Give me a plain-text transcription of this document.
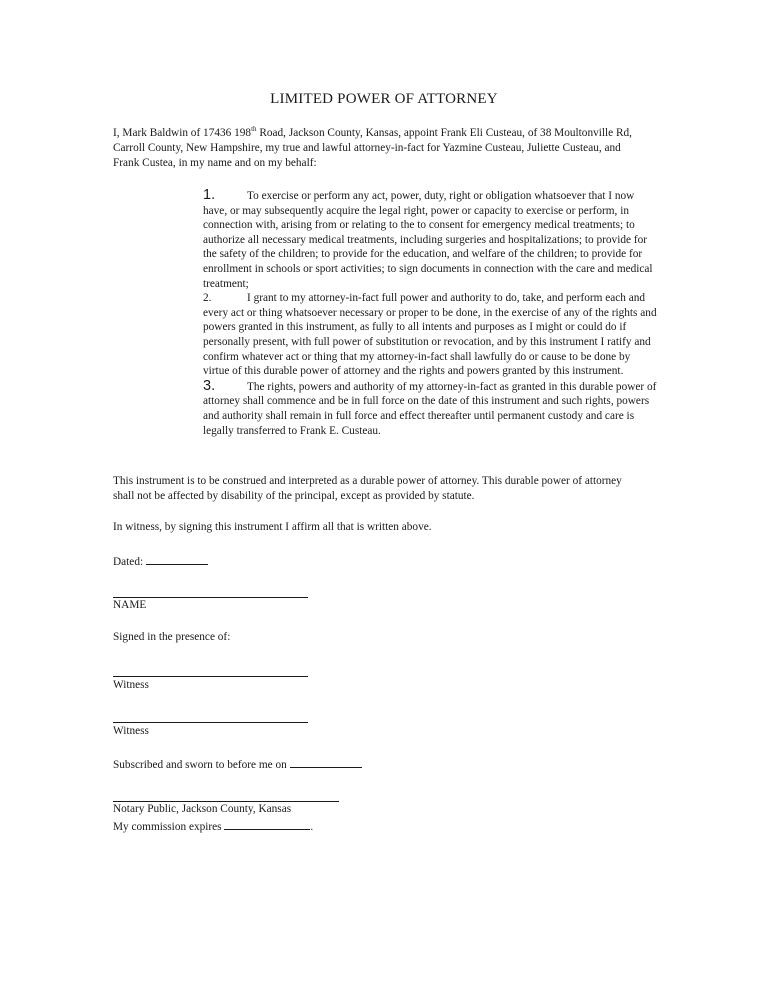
LIMITED POWER OF ATTORNEY
I, Mark Baldwin of 17436 198th Road, Jackson County, Kansas, appoint Frank Eli Custeau, of 38 Moultonville Rd, Carroll County, New Hampshire, my true and lawful attorney-in-fact for Yazmine Custeau, Juliette Custeau, and Frank Custea, in my name and on my behalf:

1.	To exercise or perform any act, power, duty, right or obligation whatsoever that I now have, or may subsequently acquire the legal right, power or capacity to exercise or perform, in connection with, arising from or relating to the to consent for emergency medical treatments; to authorize all necessary medical treatments, including surgeries and hospitalizations; to provide for the safety of the children; to provide for the education, and welfare of the children; to provide for enrollment in schools or sport activities; to sign documents in connection with the care and medical treatment;

2.	I grant to my attorney-in-fact full power and authority to do, take, and perform each and every act or thing whatsoever necessary or proper to be done, in the exercise of any of the rights and powers granted in this instrument, as fully to all intents and purposes as I might or could do if personally present, with full power of substitution or revocation, and by this instrument I ratify and confirm whatever act or thing that my attorney-in-fact shall lawfully do or cause to be done by virtue of this durable power of attorney and the rights and powers granted by this instrument.

3.	The rights, powers and authority of my attorney-in-fact as granted in this durable power of attorney shall commence and be in full force on the date of this instrument and such rights, powers and authority shall remain in full force and effect thereafter until permanent custody and care is legally transferred to Frank E. Custeau.

This instrument is to be construed and interpreted as a durable power of attorney. This durable power of attorney shall not be affected by disability of the principal, except as provided by statute.
In witness, by signing this instrument I affirm all that is written above.
Dated:
NAME
Signed in the presence of:
Witness
Witness
Subscribed and sworn to before me on
Notary Public, Jackson County, Kansas
My commission expires	.
